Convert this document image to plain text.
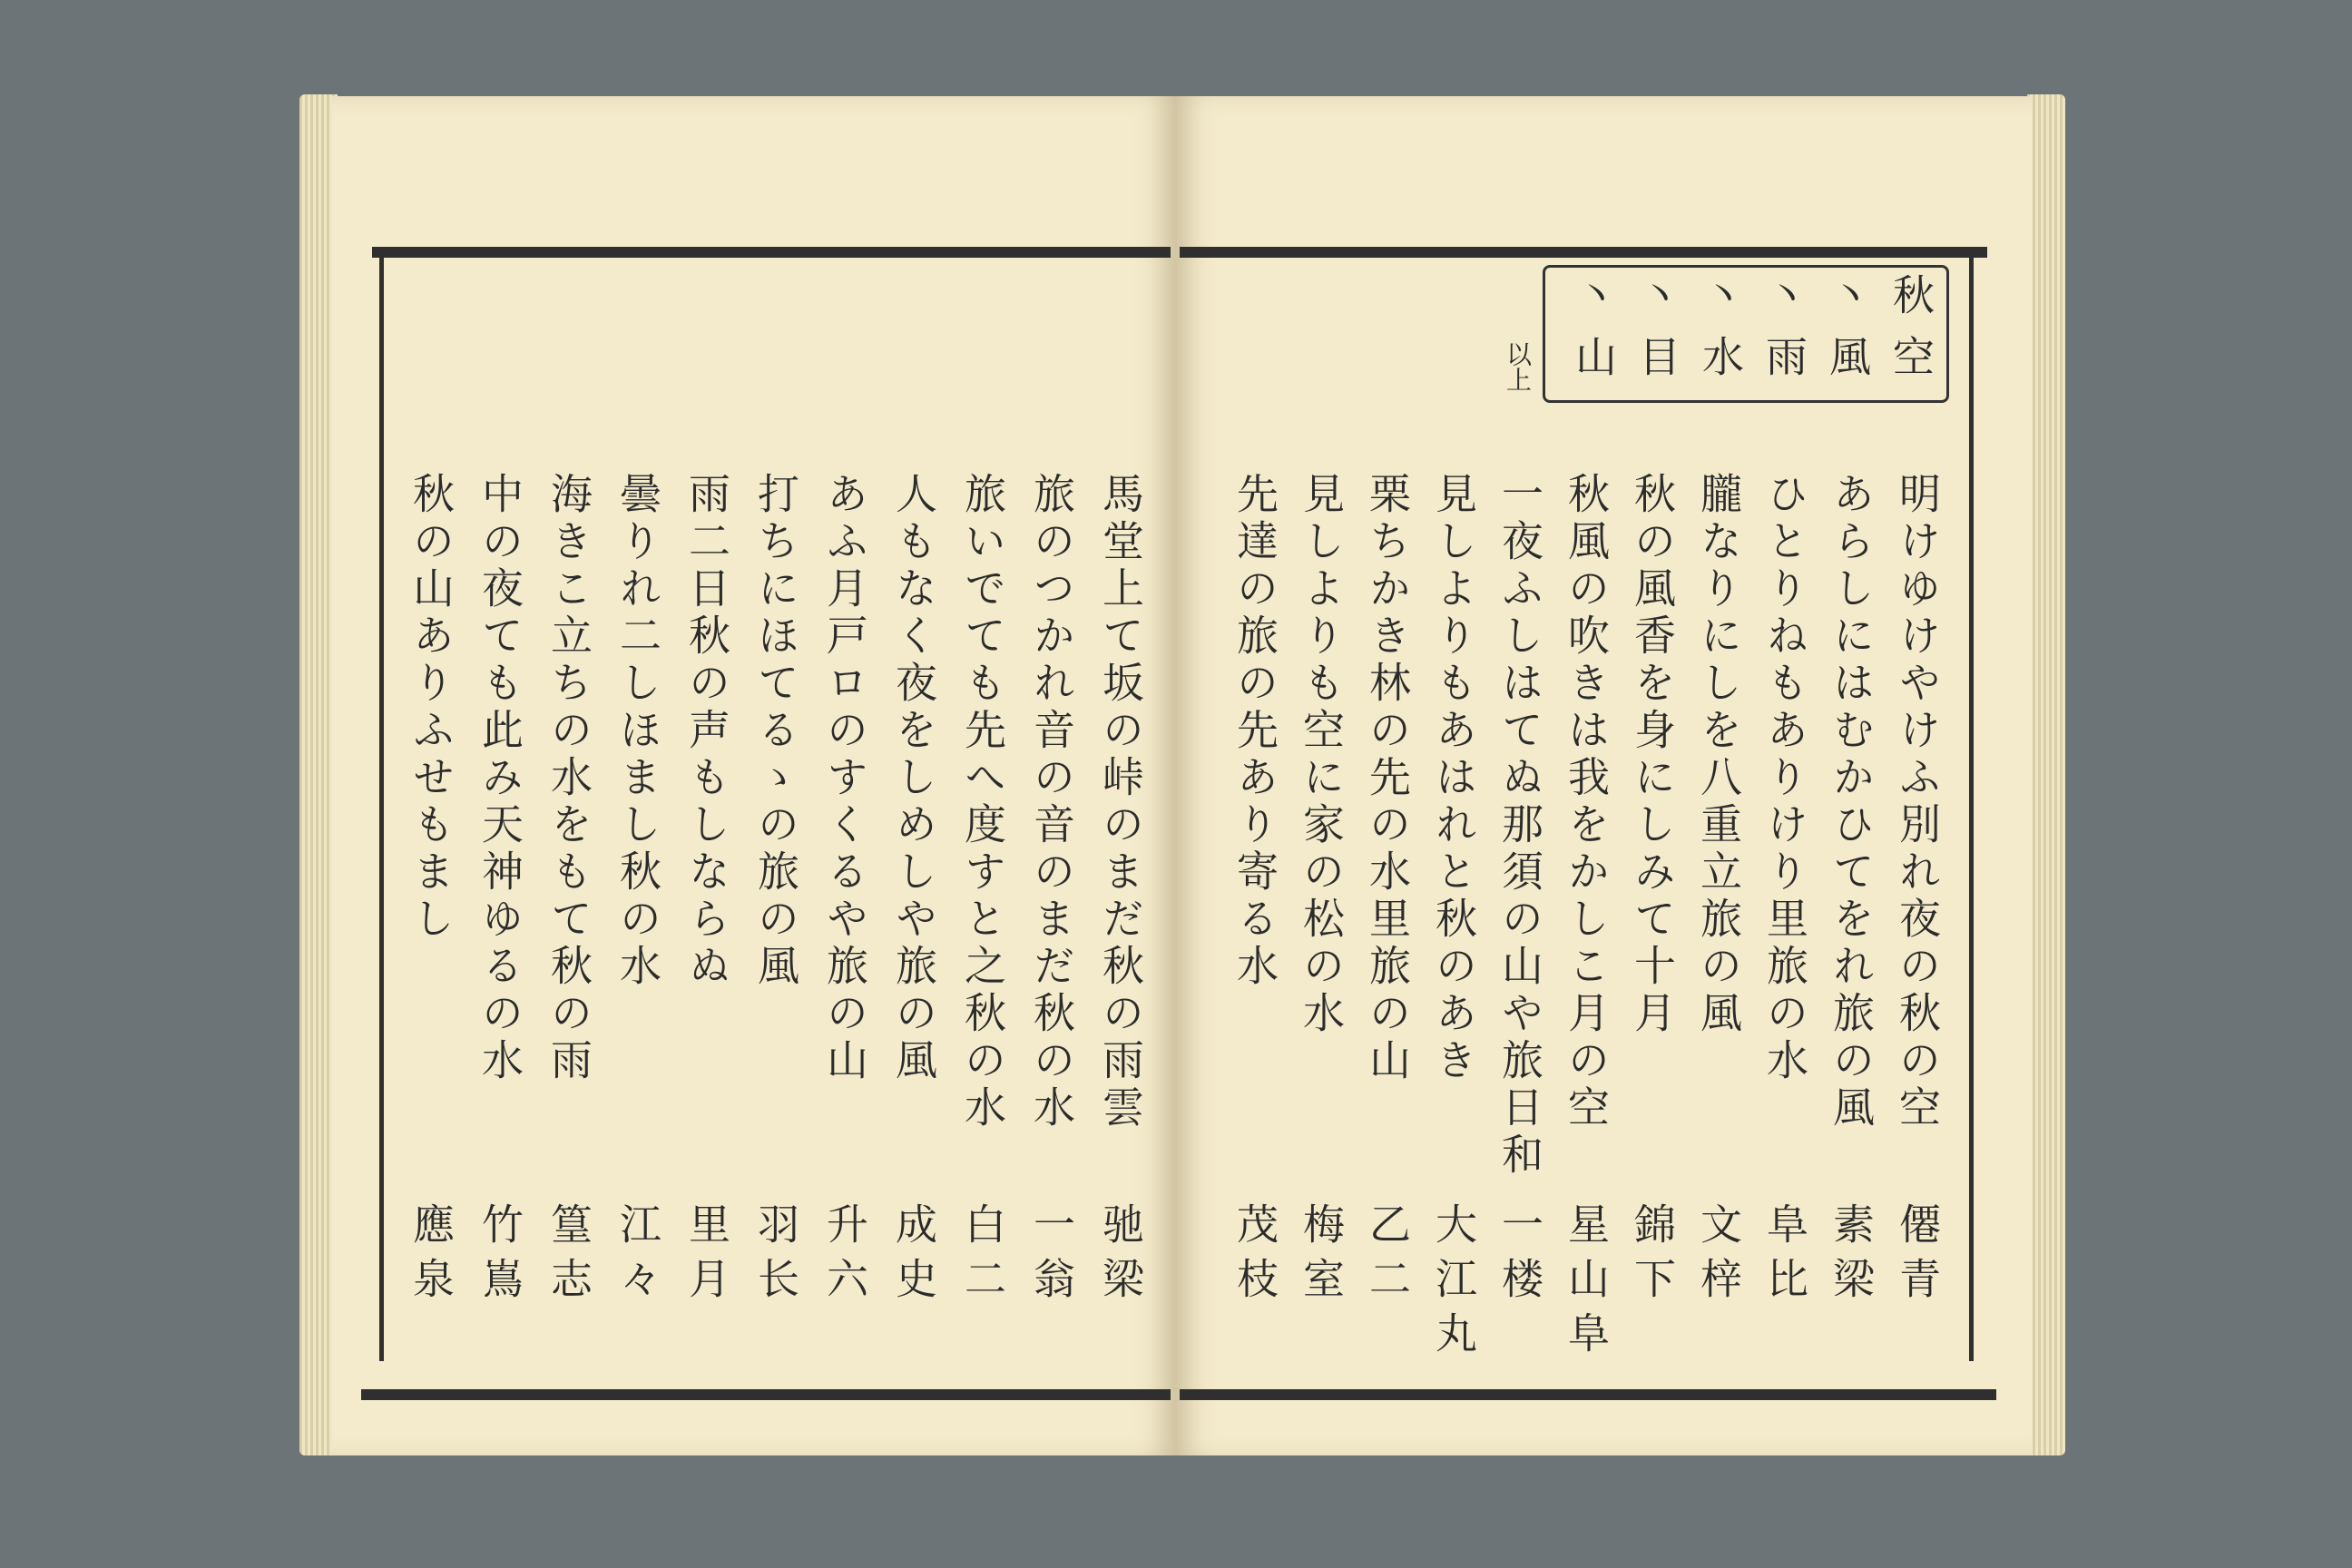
秋空
丶風
丶雨
丶水
丶目
丶山
以上
明けゆけやけふ別れ夜の秋の空
僊青
あらしにはむかひてをれ旅の風
素梁
ひとりねもありけり里旅の水
阜比
朧なりにしを八重立旅の風
文梓
秋の風香を身にしみて十月
錦下
秋風の吹きは我をかしこ月の空
星山阜
一夜ふしはてぬ那須の山や旅日和
一楼
見しよりもあはれと秋のあき
大江丸
栗ちかき林の先の水里旅の山
乙二
見しよりも空に家の松の水
梅室
先達の旅の先あり寄る水
茂枝
馬堂上て坂の峠のまだ秋の雨雲
驰梁
旅のつかれ音の音のまだ秋の水
一翁
旅いでても先へ度すと之秋の水
白二
人もなく夜をしめしや旅の風
成史
あふ月戸ロのすくるや旅の山
升六
打ちにほてるゝの旅の風
羽长
雨二日秋の声もしならぬ
里月
曇りれ二しほまし秋の水
江々
海きこ立ちの水をもて秋の雨
篁志
中の夜ても此み天神ゆるの水
竹嶌
秋の山ありふせもまし
應泉
